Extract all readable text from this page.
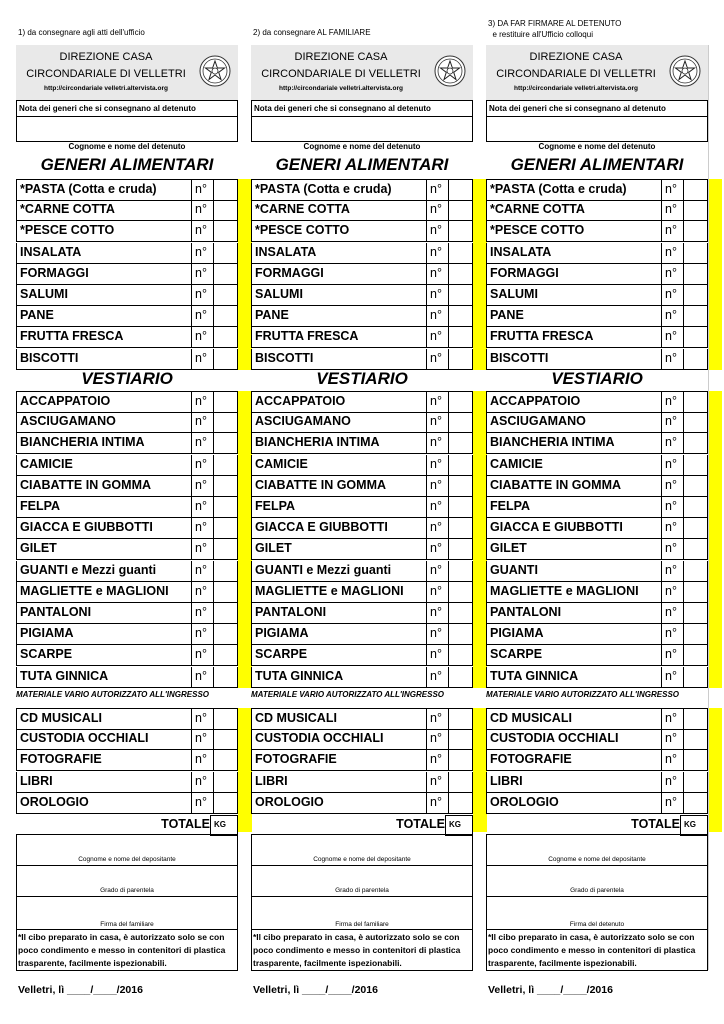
1) da consegnare agli atti dell'ufficio
DIREZIONE CASA
CIRCONDARIALE DI VELLETRI
http://circondariale velletri.altervista.org
Nota dei generi che si consegnano al detenuto
Cognome e nome del detenuto
GENERI ALIMENTARI
*PASTA (Cotta e cruda)	n°
*CARNE COTTA	n°
*PESCE COTTO	n°
INSALATA	n°
FORMAGGI	n°
SALUMI	n°
PANE	n°
FRUTTA FRESCA	n°
BISCOTTI	n°
VESTIARIO
ACCAPPATOIO	n°
ASCIUGAMANO	n°
BIANCHERIA INTIMA	n°
CAMICIE	n°
CIABATTE IN GOMMA	n°
FELPA	n°
GIACCA E GIUBBOTTI	n°
GILET	n°
GUANTI e Mezzi guanti	n°
MAGLIETTE e MAGLIONI	n°
PANTALONI	n°
PIGIAMA	n°
SCARPE	n°
TUTA GINNICA	n°
MATERIALE VARIO AUTORIZZATO ALL'INGRESSO
CD MUSICALI	n°
CUSTODIA OCCHIALI	n°
FOTOGRAFIE	n°
LIBRI	n°
OROLOGIO	n°
TOTALE KG
Cognome e nome del depositante
Grado di parentela
Firma del familiare
*Il cibo preparato in casa, è autorizzato solo se con poco condimento e messo in contenitori di plastica trasparente, facilmente ispezionabili.
Velletri, lì ____/____/2016
2) da consegnare AL FAMILIARE
DIREZIONE CASA
CIRCONDARIALE DI VELLETRI
http://circondariale velletri.altervista.org
Nota dei generi che si consegnano al detenuto
Cognome e nome del detenuto
GENERI ALIMENTARI
*PASTA (Cotta e cruda)	n°
*CARNE COTTA	n°
*PESCE COTTO	n°
INSALATA	n°
FORMAGGI	n°
SALUMI	n°
PANE	n°
FRUTTA FRESCA	n°
BISCOTTI	n°
VESTIARIO
ACCAPPATOIO	n°
ASCIUGAMANO	n°
BIANCHERIA INTIMA	n°
CAMICIE	n°
CIABATTE IN GOMMA	n°
FELPA	n°
GIACCA E GIUBBOTTI	n°
GILET	n°
GUANTI e Mezzi guanti	n°
MAGLIETTE e MAGLIONI	n°
PANTALONI	n°
PIGIAMA	n°
SCARPE	n°
TUTA GINNICA	n°
MATERIALE VARIO AUTORIZZATO ALL'INGRESSO
CD MUSICALI	n°
CUSTODIA OCCHIALI	n°
FOTOGRAFIE	n°
LIBRI	n°
OROLOGIO	n°
TOTALE KG
Cognome e nome del depositante
Grado di parentela
Firma del familiare
*Il cibo preparato in casa, è autorizzato solo se con poco condimento e messo in contenitori di plastica trasparente, facilmente ispezionabili.
Velletri, lì ____/____/2016
3) DA FAR FIRMARE AL DETENUTO
e restituire all'Ufficio colloqui
DIREZIONE CASA
CIRCONDARIALE DI VELLETRI
http://circondariale velletri.altervista.org
Nota dei generi che si consegnano al detenuto
Cognome e nome del detenuto
GENERI ALIMENTARI
*PASTA (Cotta e cruda)	n°
*CARNE COTTA	n°
*PESCE COTTO	n°
INSALATA	n°
FORMAGGI	n°
SALUMI	n°
PANE	n°
FRUTTA FRESCA	n°
BISCOTTI	n°
VESTIARIO
ACCAPPATOIO	n°
ASCIUGAMANO	n°
BIANCHERIA INTIMA	n°
CAMICIE	n°
CIABATTE IN GOMMA	n°
FELPA	n°
GIACCA E GIUBBOTTI	n°
GILET	n°
GUANTI	n°
MAGLIETTE e MAGLIONI	n°
PANTALONI	n°
PIGIAMA	n°
SCARPE	n°
TUTA GINNICA	n°
MATERIALE VARIO AUTORIZZATO ALL'INGRESSO
CD MUSICALI	n°
CUSTODIA OCCHIALI	n°
FOTOGRAFIE	n°
LIBRI	n°
OROLOGIO	n°
TOTALE KG
Cognome e nome del depositante
Grado di parentela
Firma del detenuto
*Il cibo preparato in casa, è autorizzato solo se con poco condimento e messo in contenitori di plastica trasparente, facilmente ispezionabili.
Velletri, lì ____/____/2016
